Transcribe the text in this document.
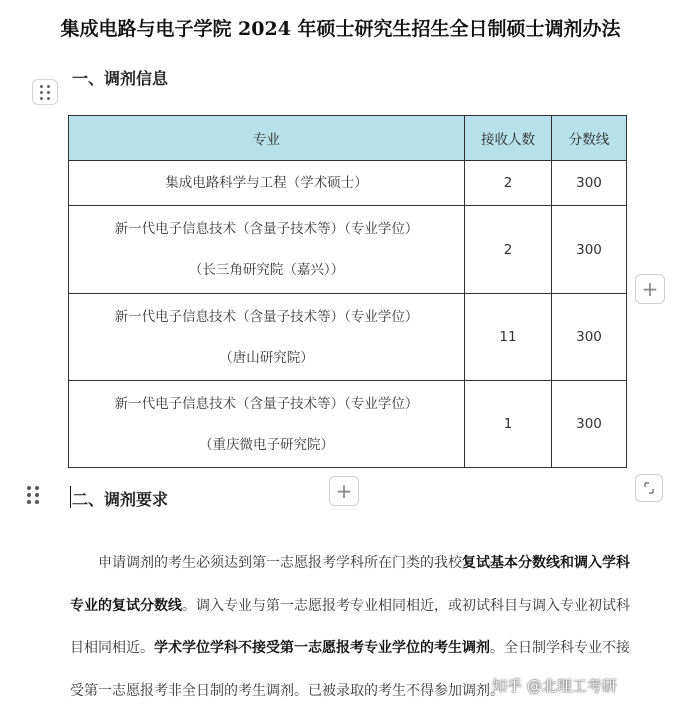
集成电路与电子学院 2024 年硕士研究生招生全日制硕士调剂办法
一、调剂信息
专业	接收人数	分数线

集成电路科学与工程（学术硕士）	2	300

新一代电子信息技术（含量子技术等）（专业学位）
（长三角研究院（嘉兴））	2	300

新一代电子信息技术（含量子技术等）（专业学位）
（唐山研究院）	11	300

新一代电子信息技术（含量子技术等）（专业学位）
（重庆微电子研究院）	1	300
+
+
二、调剂要求
申请调剂的考生必须达到第一志愿报考学科所在门类的我校复试基本分数线和调入学科专业的复试分数线。调入专业与第一志愿报考专业相同相近，或初试科目与调入专业初试科目相同相近。学术学位学科不接受第一志愿报考专业学位的考生调剂。全日制学科专业不接受第一志愿报考非全日制的考生调剂。已被录取的考生不得参加调剂。
知乎 @北理工考研
